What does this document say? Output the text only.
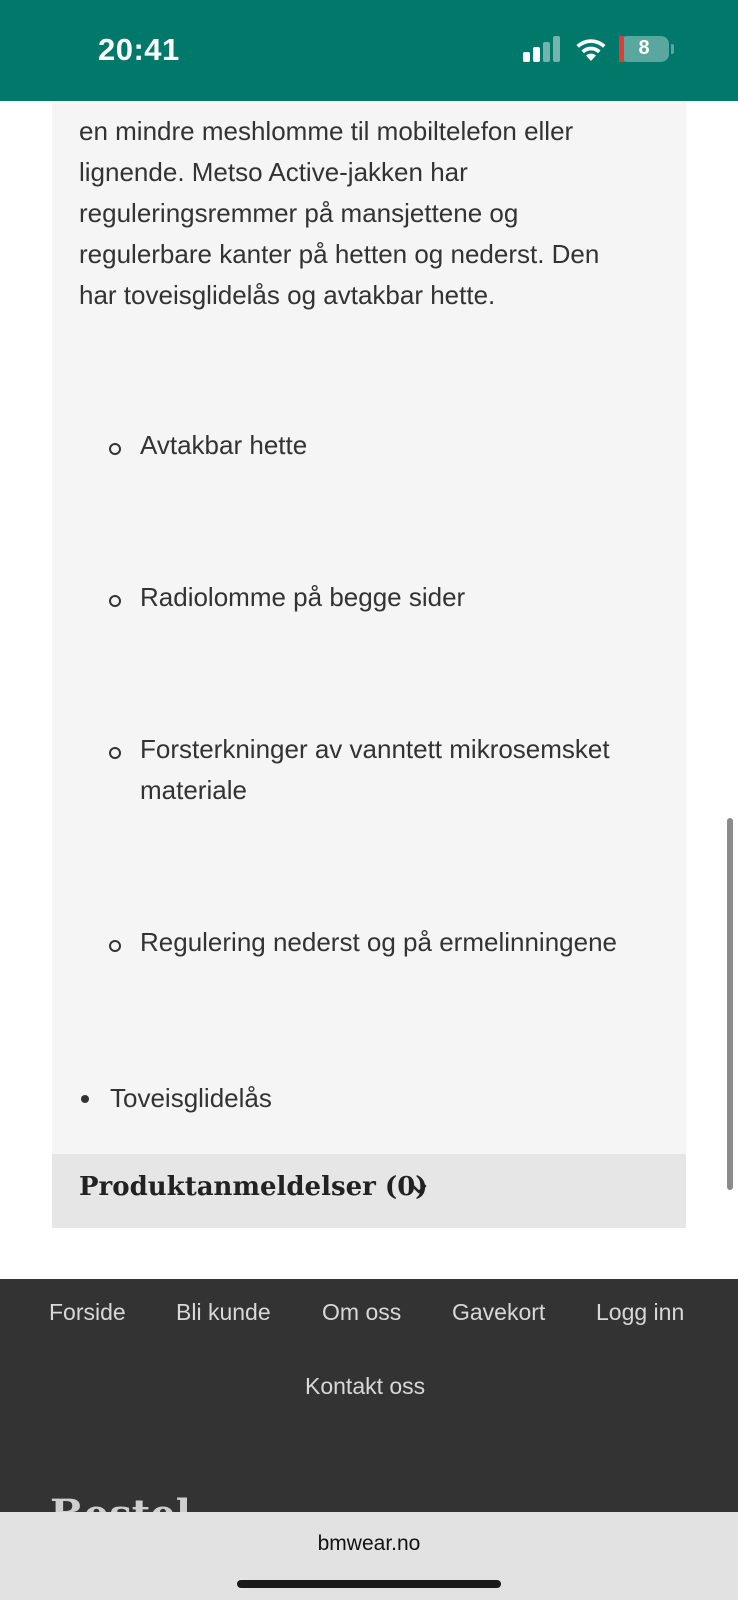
20:41	8

en mindre meshlomme til mobiltelefon eller
lignende. Metso Active-jakken har
reguleringsremmer på mansjettene og
regulerbare kanter på hetten og nederst. Den
har toveisglidelås og avtakbar hette.

Avtakbar hette
Radiolomme på begge sider
Forsterkninger av vanntett mikrosemsket
materiale
Regulering nederst og på ermelinningene
Toveisglidelås
Produktanmeldelser (0)
Forside Bli kunde Om oss Gavekort Logg inn
Kontakt oss
bmwear.no
